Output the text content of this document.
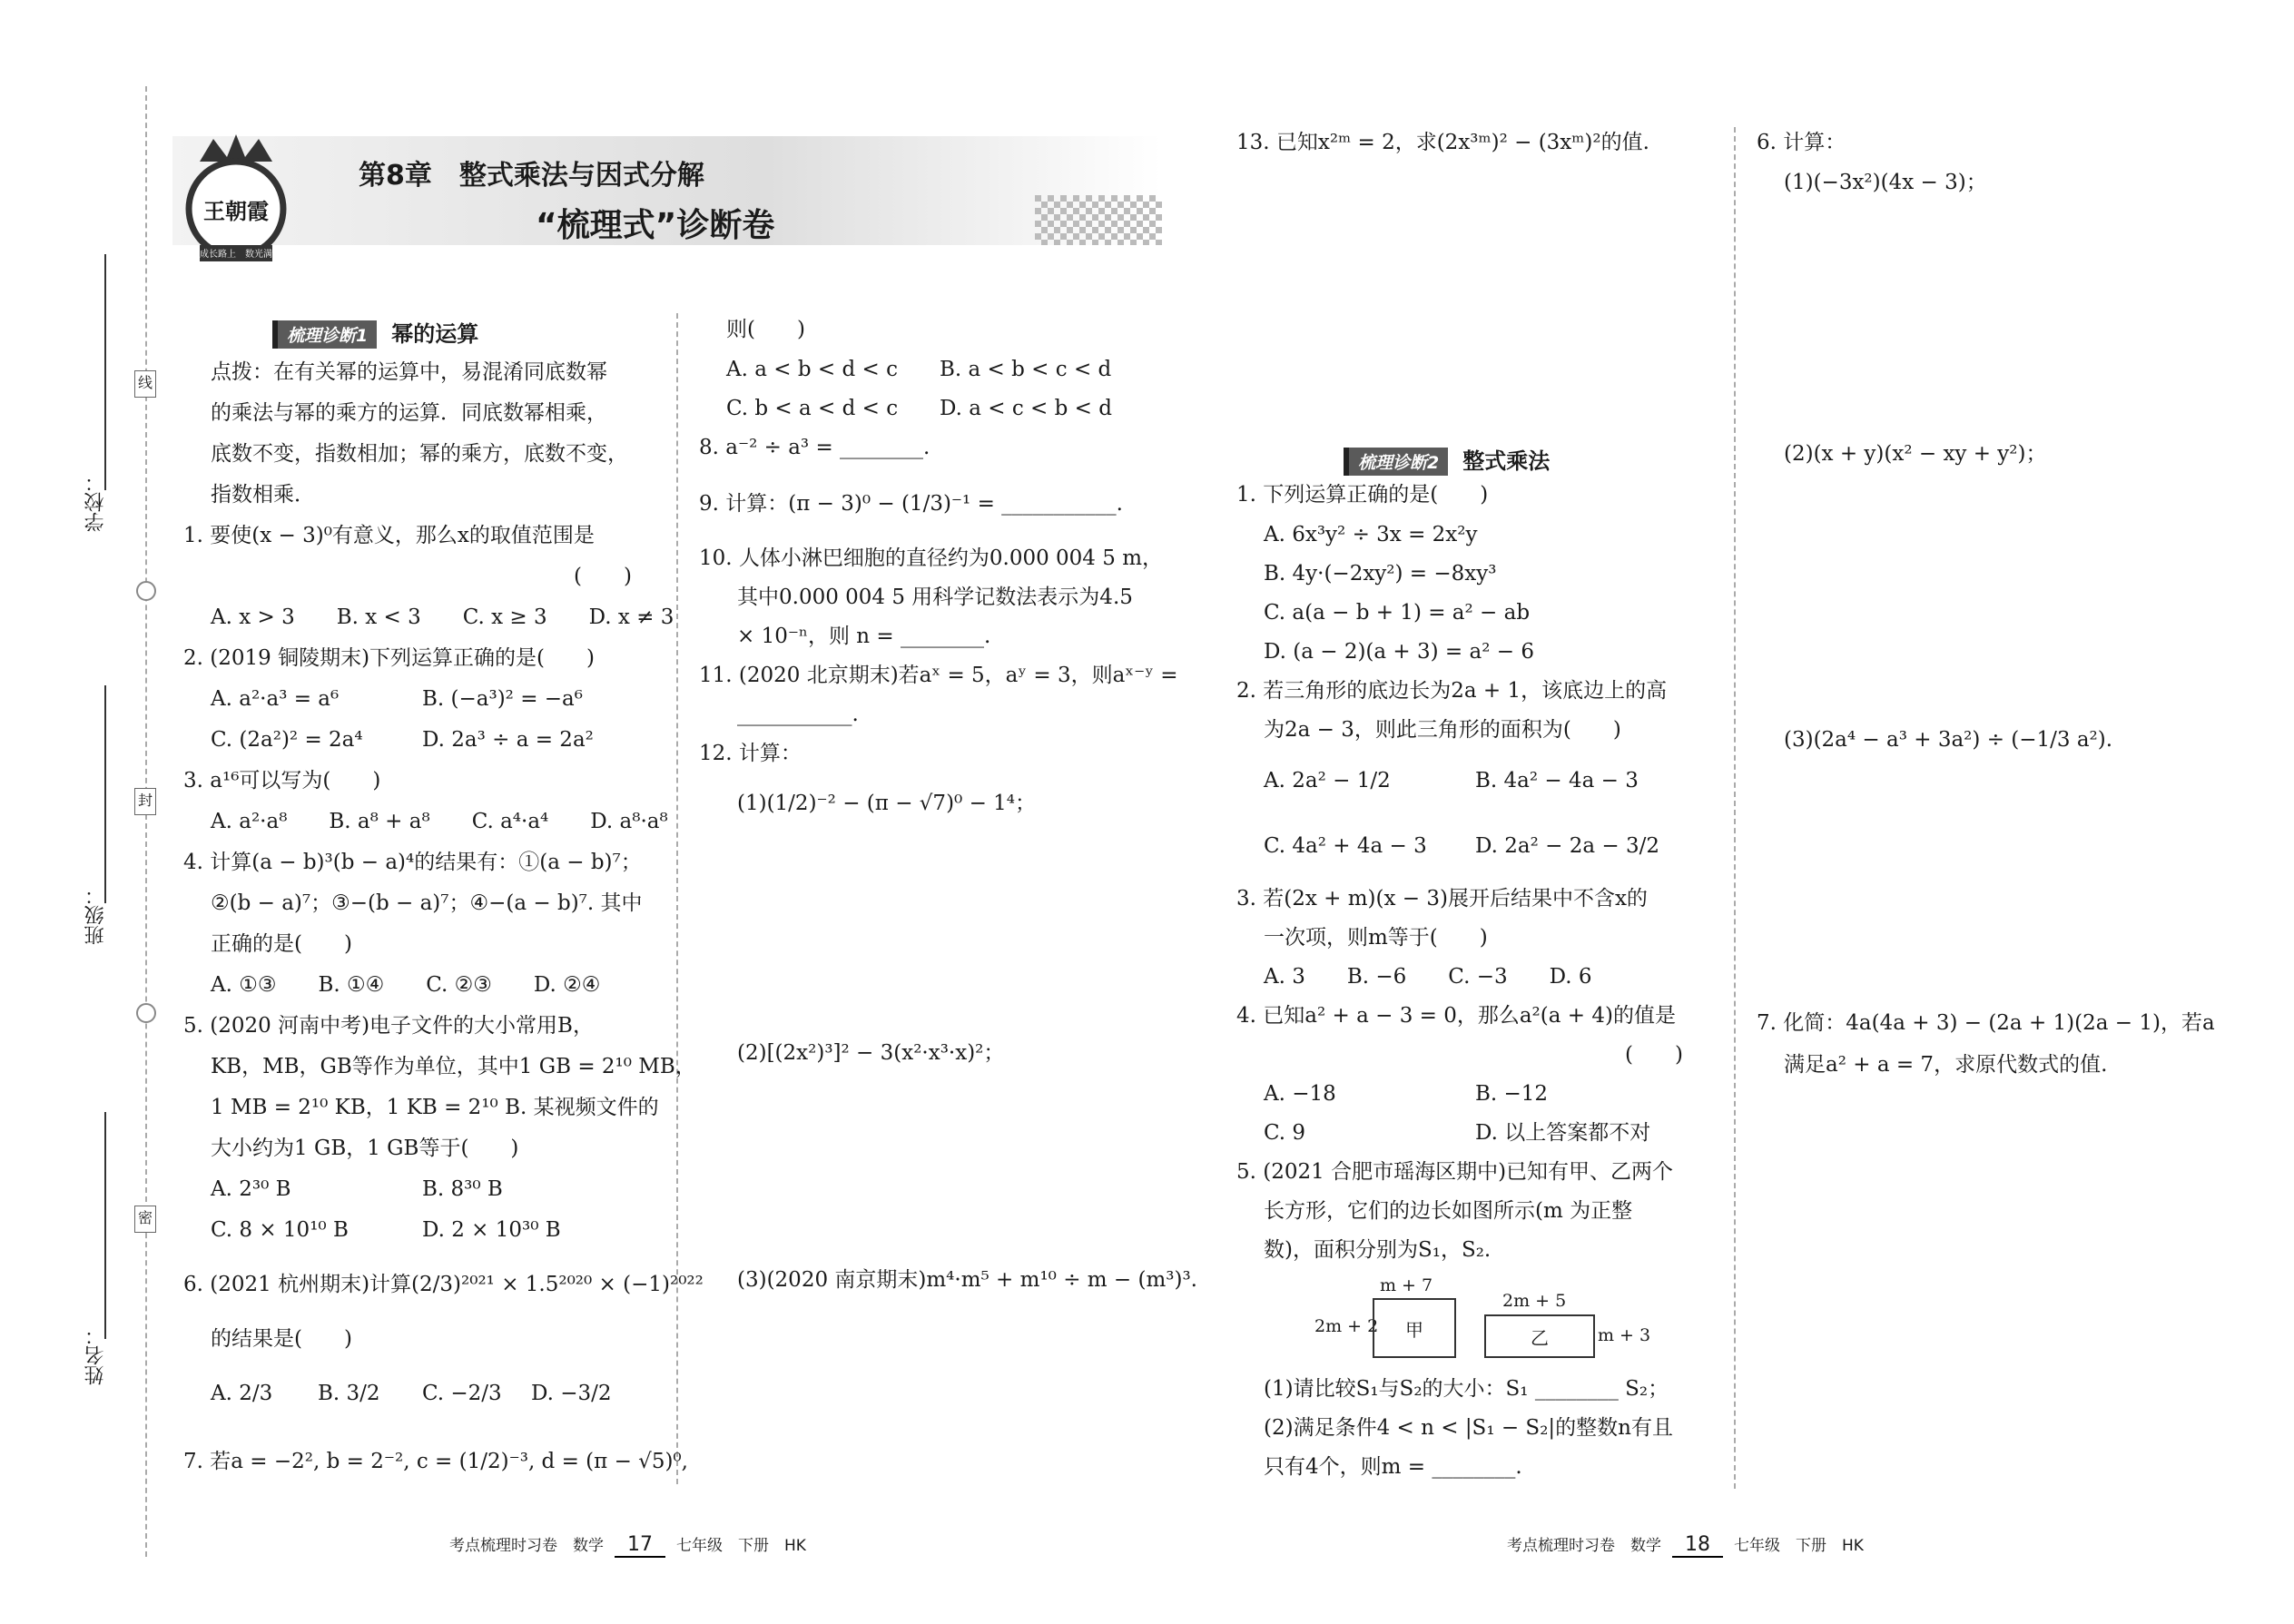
学校：
班级：
姓名：
线
封
密
王朝霞
成长路上　数光满天
第8章　整式乘法与因式分解
“梳理式”诊断卷
梳理诊断1 幂的运算
点拨：在有关幂的运算中，易混淆同底数幂
的乘法与幂的乘方的运算．同底数幂相乘，
底数不变，指数相加；幂的乘方，底数不变，
指数相乘．
1. 要使(x − 3)⁰有意义，那么x的取值范围是
(　　)
A. x > 3　　B. x < 3　　C. x ≥ 3　　D. x ≠ 3
2. (2019 铜陵期末)下列运算正确的是(　　)
A. a²·a³ = a⁶	B. (−a³)² = −a⁶
C. (2a²)² = 2a⁴	D. 2a³ ÷ a = 2a²
3. a¹⁶可以写为(　　)
A. a²·a⁸　　B. a⁸ + a⁸　　C. a⁴·a⁴　　D. a⁸·a⁸
4. 计算(a − b)³(b − a)⁴的结果有：①(a − b)⁷；
②(b − a)⁷；③−(b − a)⁷；④−(a − b)⁷. 其中
正确的是(　　)
A. ①③　　B. ①④　　C. ②③　　D. ②④
5. (2020 河南中考)电子文件的大小常用B，
KB，MB，GB等作为单位，其中1 GB = 2¹⁰ MB，
1 MB = 2¹⁰ KB，1 KB = 2¹⁰ B. 某视频文件的
大小约为1 GB，1 GB等于(　　)
A. 2³⁰ B	B. 8³⁰ B
C. 8 × 10¹⁰ B	D. 2 × 10³⁰ B
6. (2021 杭州期末)计算(2/3)²⁰²¹ × 1.5²⁰²⁰ × (−1)²⁰²²
的结果是(　　)
A. 2/3 B. 3/2 C. −2/3 D. −3/2
7. 若a = −2², b = 2⁻², c = (1/2)⁻³, d = (π − √5)⁰,
则(　　)
A. a < b < d < c B. a < b < c < d
C. b < a < d < c D. a < c < b < d
8. a⁻² ÷ a³ = ________.
9. 计算：(π − 3)⁰ − (1/3)⁻¹ = ___________.
10. 人体小淋巴细胞的直径约为0.000 004 5 m，
其中0.000 004 5 用科学记数法表示为4.5
× 10⁻ⁿ，则 n = ________.
11. (2020 北京期末)若aˣ = 5，aʸ = 3，则aˣ⁻ʸ =
___________.
12. 计算：
(1)(1/2)⁻² − (π − √7)⁰ − 1⁴；
(2)[(2x²)³]² − 3(x²·x³·x)²；
(3)(2020 南京期末)m⁴·m⁵ + m¹⁰ ÷ m − (m³)³.
13. 已知x²ᵐ = 2，求(2x³ᵐ)² − (3xᵐ)²的值.
梳理诊断2 整式乘法
1. 下列运算正确的是(　　)
A. 6x³y² ÷ 3x = 2x²y
B. 4y·(−2xy²) = −8xy³
C. a(a − b + 1) = a² − ab
D. (a − 2)(a + 3) = a² − 6
2. 若三角形的底边长为2a + 1，该底边上的高
为2a − 3，则此三角形的面积为(　　)
A. 2a² − 1/2	B. 4a² − 4a − 3
C. 4a² + 4a − 3 D. 2a² − 2a − 3/2
3. 若(2x + m)(x − 3)展开后结果中不含x的
一次项，则m等于(　　)
A. 3　　B. −6　　C. −3　　D. 6
4. 已知a² + a − 3 = 0，那么a²(a + 4)的值是
(　　)
A. −18	B. −12
C. 9	D. 以上答案都不对
5. (2021 合肥市瑶海区期中)已知有甲、乙两个
长方形，它们的边长如图所示(m 为正整
数)，面积分别为S₁，S₂.
m + 7
2m + 2	甲
2m + 5
乙	m + 3
(1)请比较S₁与S₂的大小：S₁ ________ S₂；
(2)满足条件4 < n < |S₁ − S₂|的整数n有且
只有4个，则m = ________.
6. 计算：
(1)(−3x²)(4x − 3)；
(2)(x + y)(x² − xy + y²)；
(3)(2a⁴ − a³ + 3a²) ÷ (−1/3 a²).
7. 化简：4a(4a + 3) − (2a + 1)(2a − 1)，若a
满足a² + a = 7，求原代数式的值.
考点梳理时习卷　数学 17 七年级　下册　HK	考点梳理时习卷　数学 18 七年级　下册　HK
